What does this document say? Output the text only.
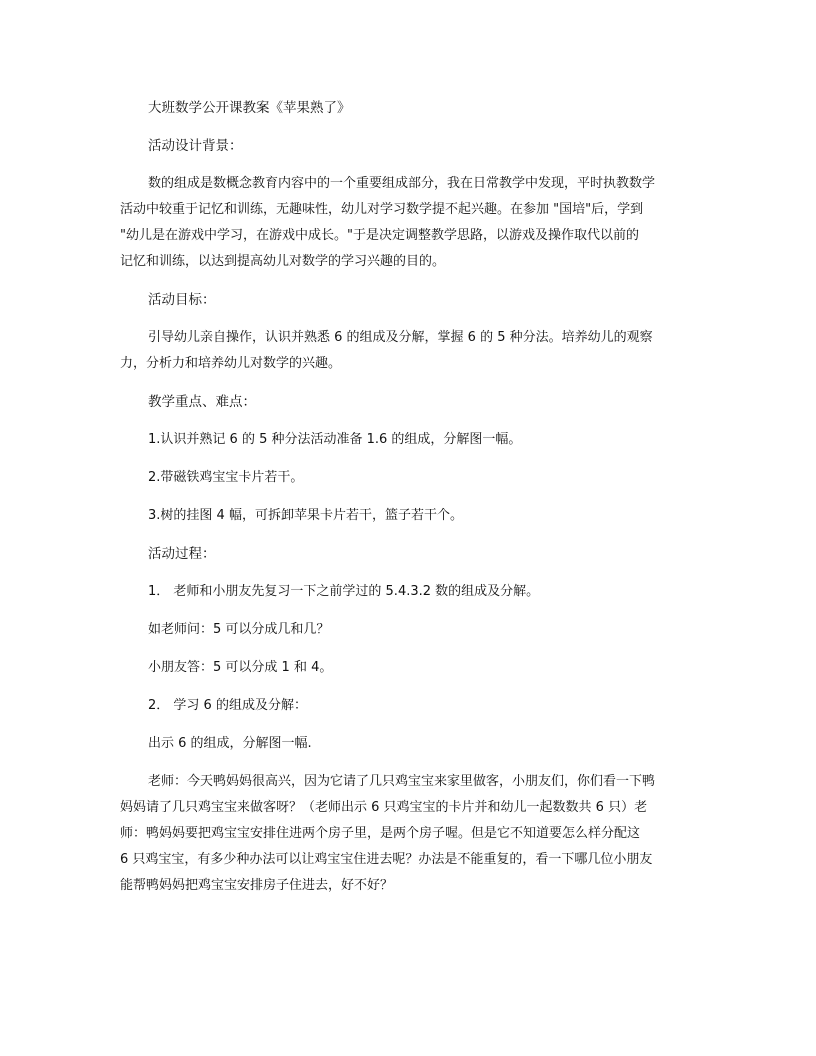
大班数学公开课教案《苹果熟了》
活动设计背景：
数的组成是数概念教育内容中的一个重要组成部分，我在日常教学中发现，平时执教数学
活动中较重于记忆和训练，无趣味性，幼儿对学习数学提不起兴趣。在参加 "国培"后，学到
"幼儿是在游戏中学习，在游戏中成长。"于是决定调整教学思路，以游戏及操作取代以前的
记忆和训练，以达到提高幼儿对数学的学习兴趣的目的。
活动目标：
引导幼儿亲自操作，认识并熟悉 6 的组成及分解，掌握 6 的 5 种分法。培养幼儿的观察
力，分析力和培养幼儿对数学的兴趣。
教学重点、难点：
1.认识并熟记 6 的 5 种分法活动准备 1.6 的组成，分解图一幅。
2.带磁铁鸡宝宝卡片若干。
3.树的挂图 4 幅，可拆卸苹果卡片若干，篮子若干个。
活动过程：
1． 老师和小朋友先复习一下之前学过的 5.4.3.2 数的组成及分解。
如老师问：5 可以分成几和几？
小朋友答：5 可以分成 1 和 4。
2． 学习 6 的组成及分解：
出示 6 的组成，分解图一幅.
老师：今天鸭妈妈很高兴，因为它请了几只鸡宝宝来家里做客，小朋友们，你们看一下鸭
妈妈请了几只鸡宝宝来做客呀？（老师出示 6 只鸡宝宝的卡片并和幼儿一起数数共 6 只）老
师：鸭妈妈要把鸡宝宝安排住进两个房子里，是两个房子喔。但是它不知道要怎么样分配这
6 只鸡宝宝，有多少种办法可以让鸡宝宝住进去呢？办法是不能重复的，看一下哪几位小朋友
能帮鸭妈妈把鸡宝宝安排房子住进去，好不好？
